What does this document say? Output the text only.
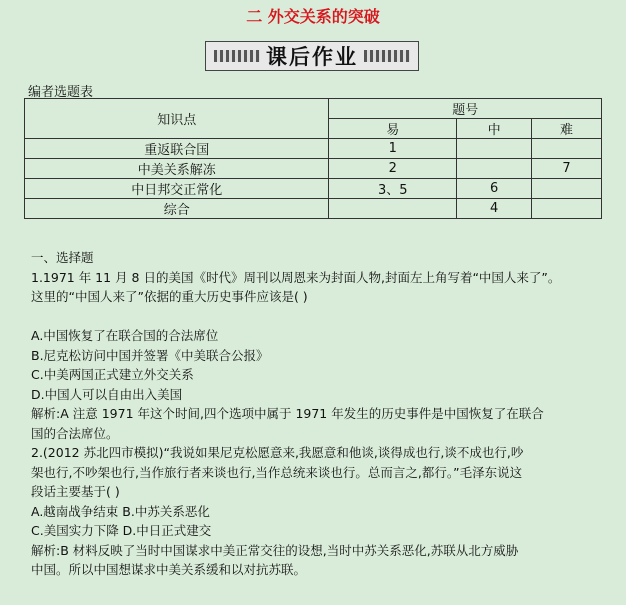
二 外交关系的突破
课后作业
编者选题表
知识点	题号		
	易	中	难
重返联合国	1		
中美关系解冻	2		7
中日邦交正常化	3、5	6	
综合		4	

一、选择题

1.1971 年 11 月 8 日的美国《时代》周刊以周恩来为封面人物,封面左上角写着“中国人来了”。

这里的“中国人来了”依据的重大历史事件应该是( )

A.中国恢复了在联合国的合法席位

B.尼克松访问中国并签署《中美联合公报》

C.中美两国正式建立外交关系

D.中国人可以自由出入美国

解析:A 注意 1971 年这个时间,四个选项中属于 1971 年发生的历史事件是中国恢复了在联合

国的合法席位。

2.(2012 苏北四市模拟)“我说如果尼克松愿意来,我愿意和他谈,谈得成也行,谈不成也行,吵

架也行,不吵架也行,当作旅行者来谈也行,当作总统来谈也行。总而言之,都行。”毛泽东说这

段话主要基于( )

A.越南战争结束 B.中苏关系恶化

C.美国实力下降 D.中日正式建交

解析:B 材料反映了当时中国谋求中美正常交往的设想,当时中苏关系恶化,苏联从北方威胁

中国。所以中国想谋求中美关系缓和以对抗苏联。
